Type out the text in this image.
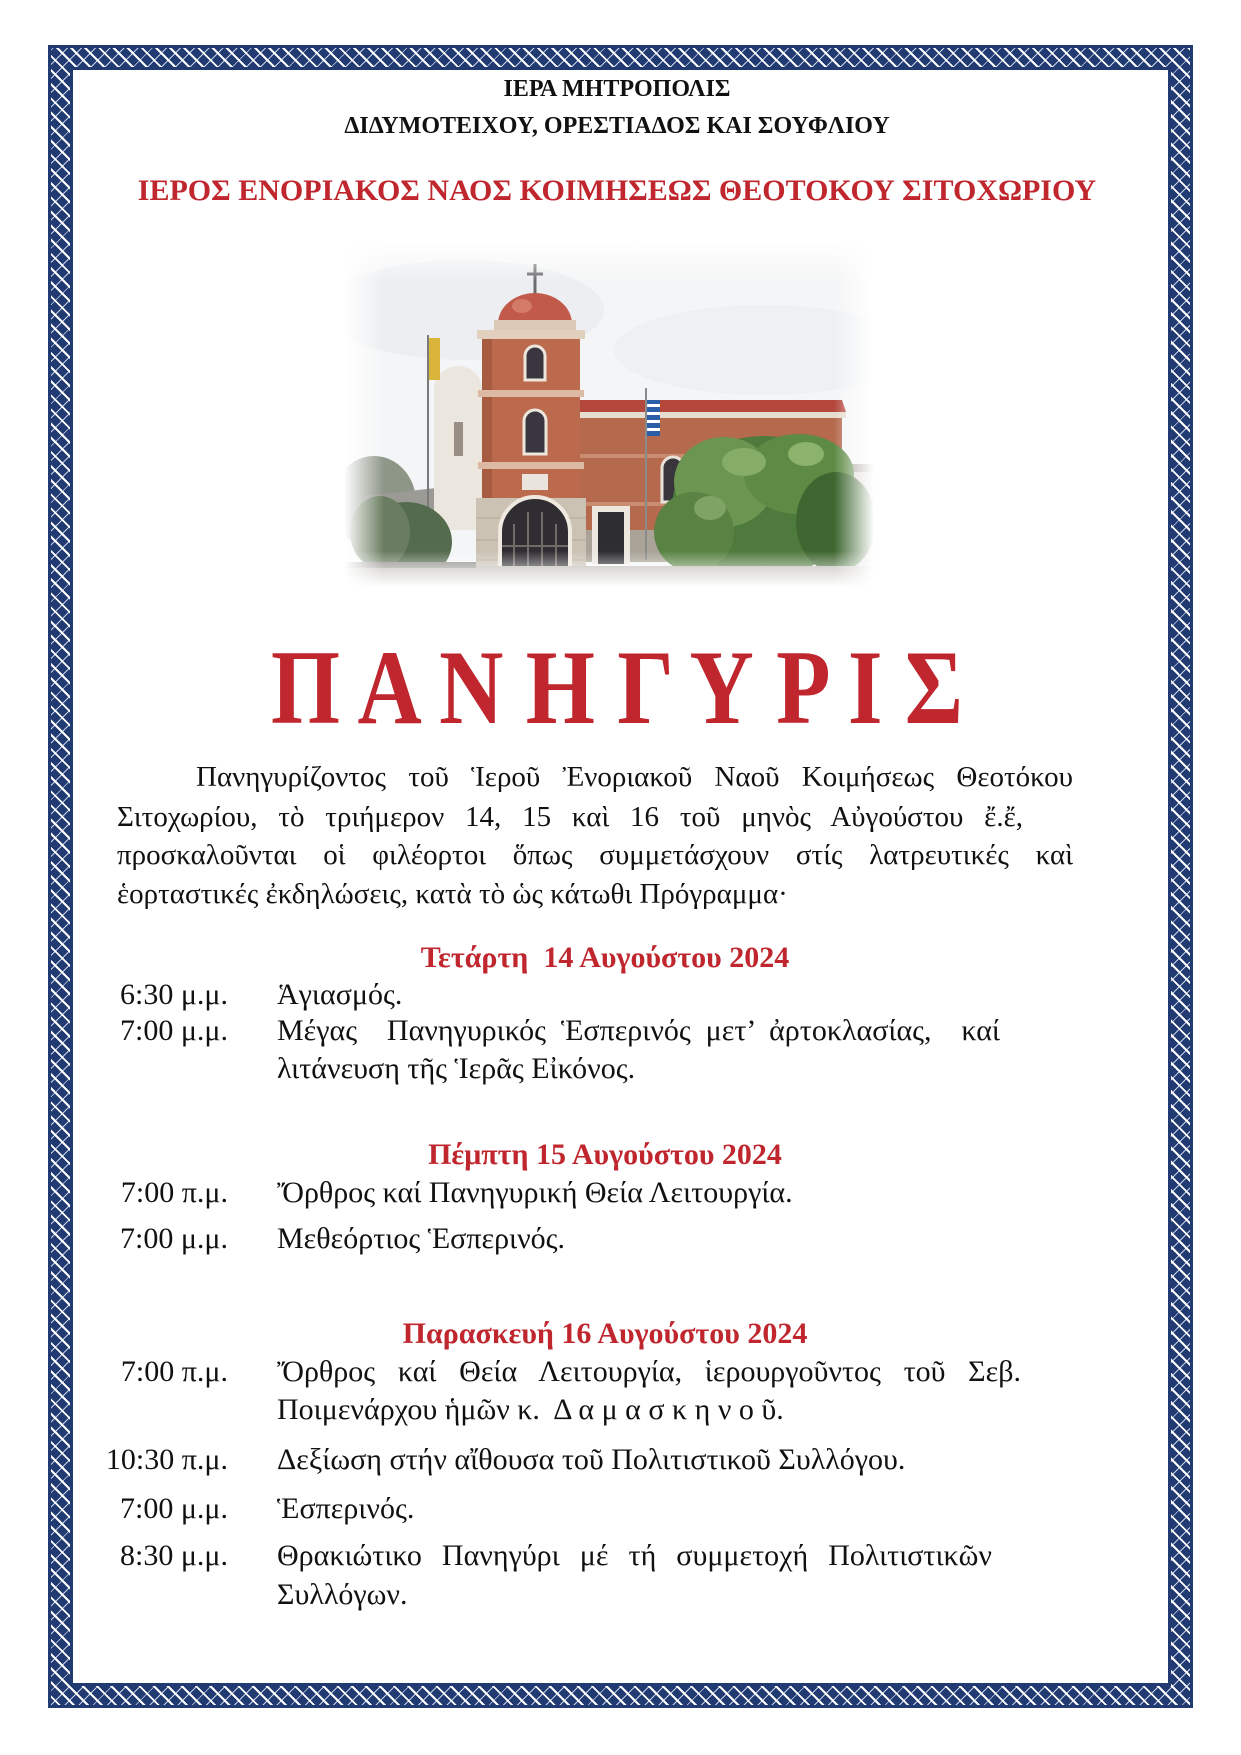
ΙΕΡΑ ΜΗΤΡΟΠΟΛΙΣ
ΔΙΔΥΜΟΤΕΙΧΟΥ, ΟΡΕΣΤΙΑΔΟΣ ΚΑΙ ΣΟΥΦΛΙΟΥ
ΙΕΡΟΣ ΕΝΟΡΙΑΚΟΣ ΝΑΟΣ ΚΟΙΜΗΣΕΩΣ ΘΕΟΤΟΚΟΥ ΣΙΤΟΧΩΡΙΟΥ
Π Α Ν Η Γ Υ Ρ Ι Σ
Πανηγυρίζοντος τοῦ Ἱεροῦ Ἐνοριακοῦ Ναοῦ Κοιμήσεως Θεοτόκου
Σιτοχωρίου, τὸ τριήμερον 14, 15 καὶ 16 τοῦ μηνὸς Αὐγούστου ἔ.ἔ,
προσκαλοῦνται οἱ φιλέορτοι ὅπως συμμετάσχουν στίς λατρευτικές καὶ
ἑορταστικές ἐκδηλώσεις, κατὰ τὸ ὡς κάτωθι Πρόγραμμα·
Τετάρτη  14 Αυγούστου 2024
6:30 μ.μ. Ἁγιασμός.
7:00 μ.μ. Μέγας  Πανηγυρικός Ἑσπερινός μετ’ ἀρτοκλασίας,  καί
λιτάνευση τῆς Ἱερᾶς Εἰκόνος.
Πέμπτη 15 Αυγούστου 2024
7:00 π.μ. Ὄρθρος καί Πανηγυρική Θεία Λειτουργία.
7:00 μ.μ. Μεθεόρτιος Ἑσπερινός.
Παρασκευή 16 Αυγούστου 2024
7:00 π.μ. Ὄρθρος καί Θεία Λειτουργία, ἱερουργοῦντος τοῦ Σεβ.
Ποιμενάρχου ἡμῶν κ.  Δ α μ α σ κ η ν ο ῦ.
10:30 π.μ. Δεξίωση στήν αἴθουσα τοῦ Πολιτιστικοῦ Συλλόγου.
7:00 μ.μ. Ἑσπερινός.
8:30 μ.μ. Θρακιώτικο Πανηγύρι μέ τή συμμετοχή Πολιτιστικῶν
Συλλόγων.
